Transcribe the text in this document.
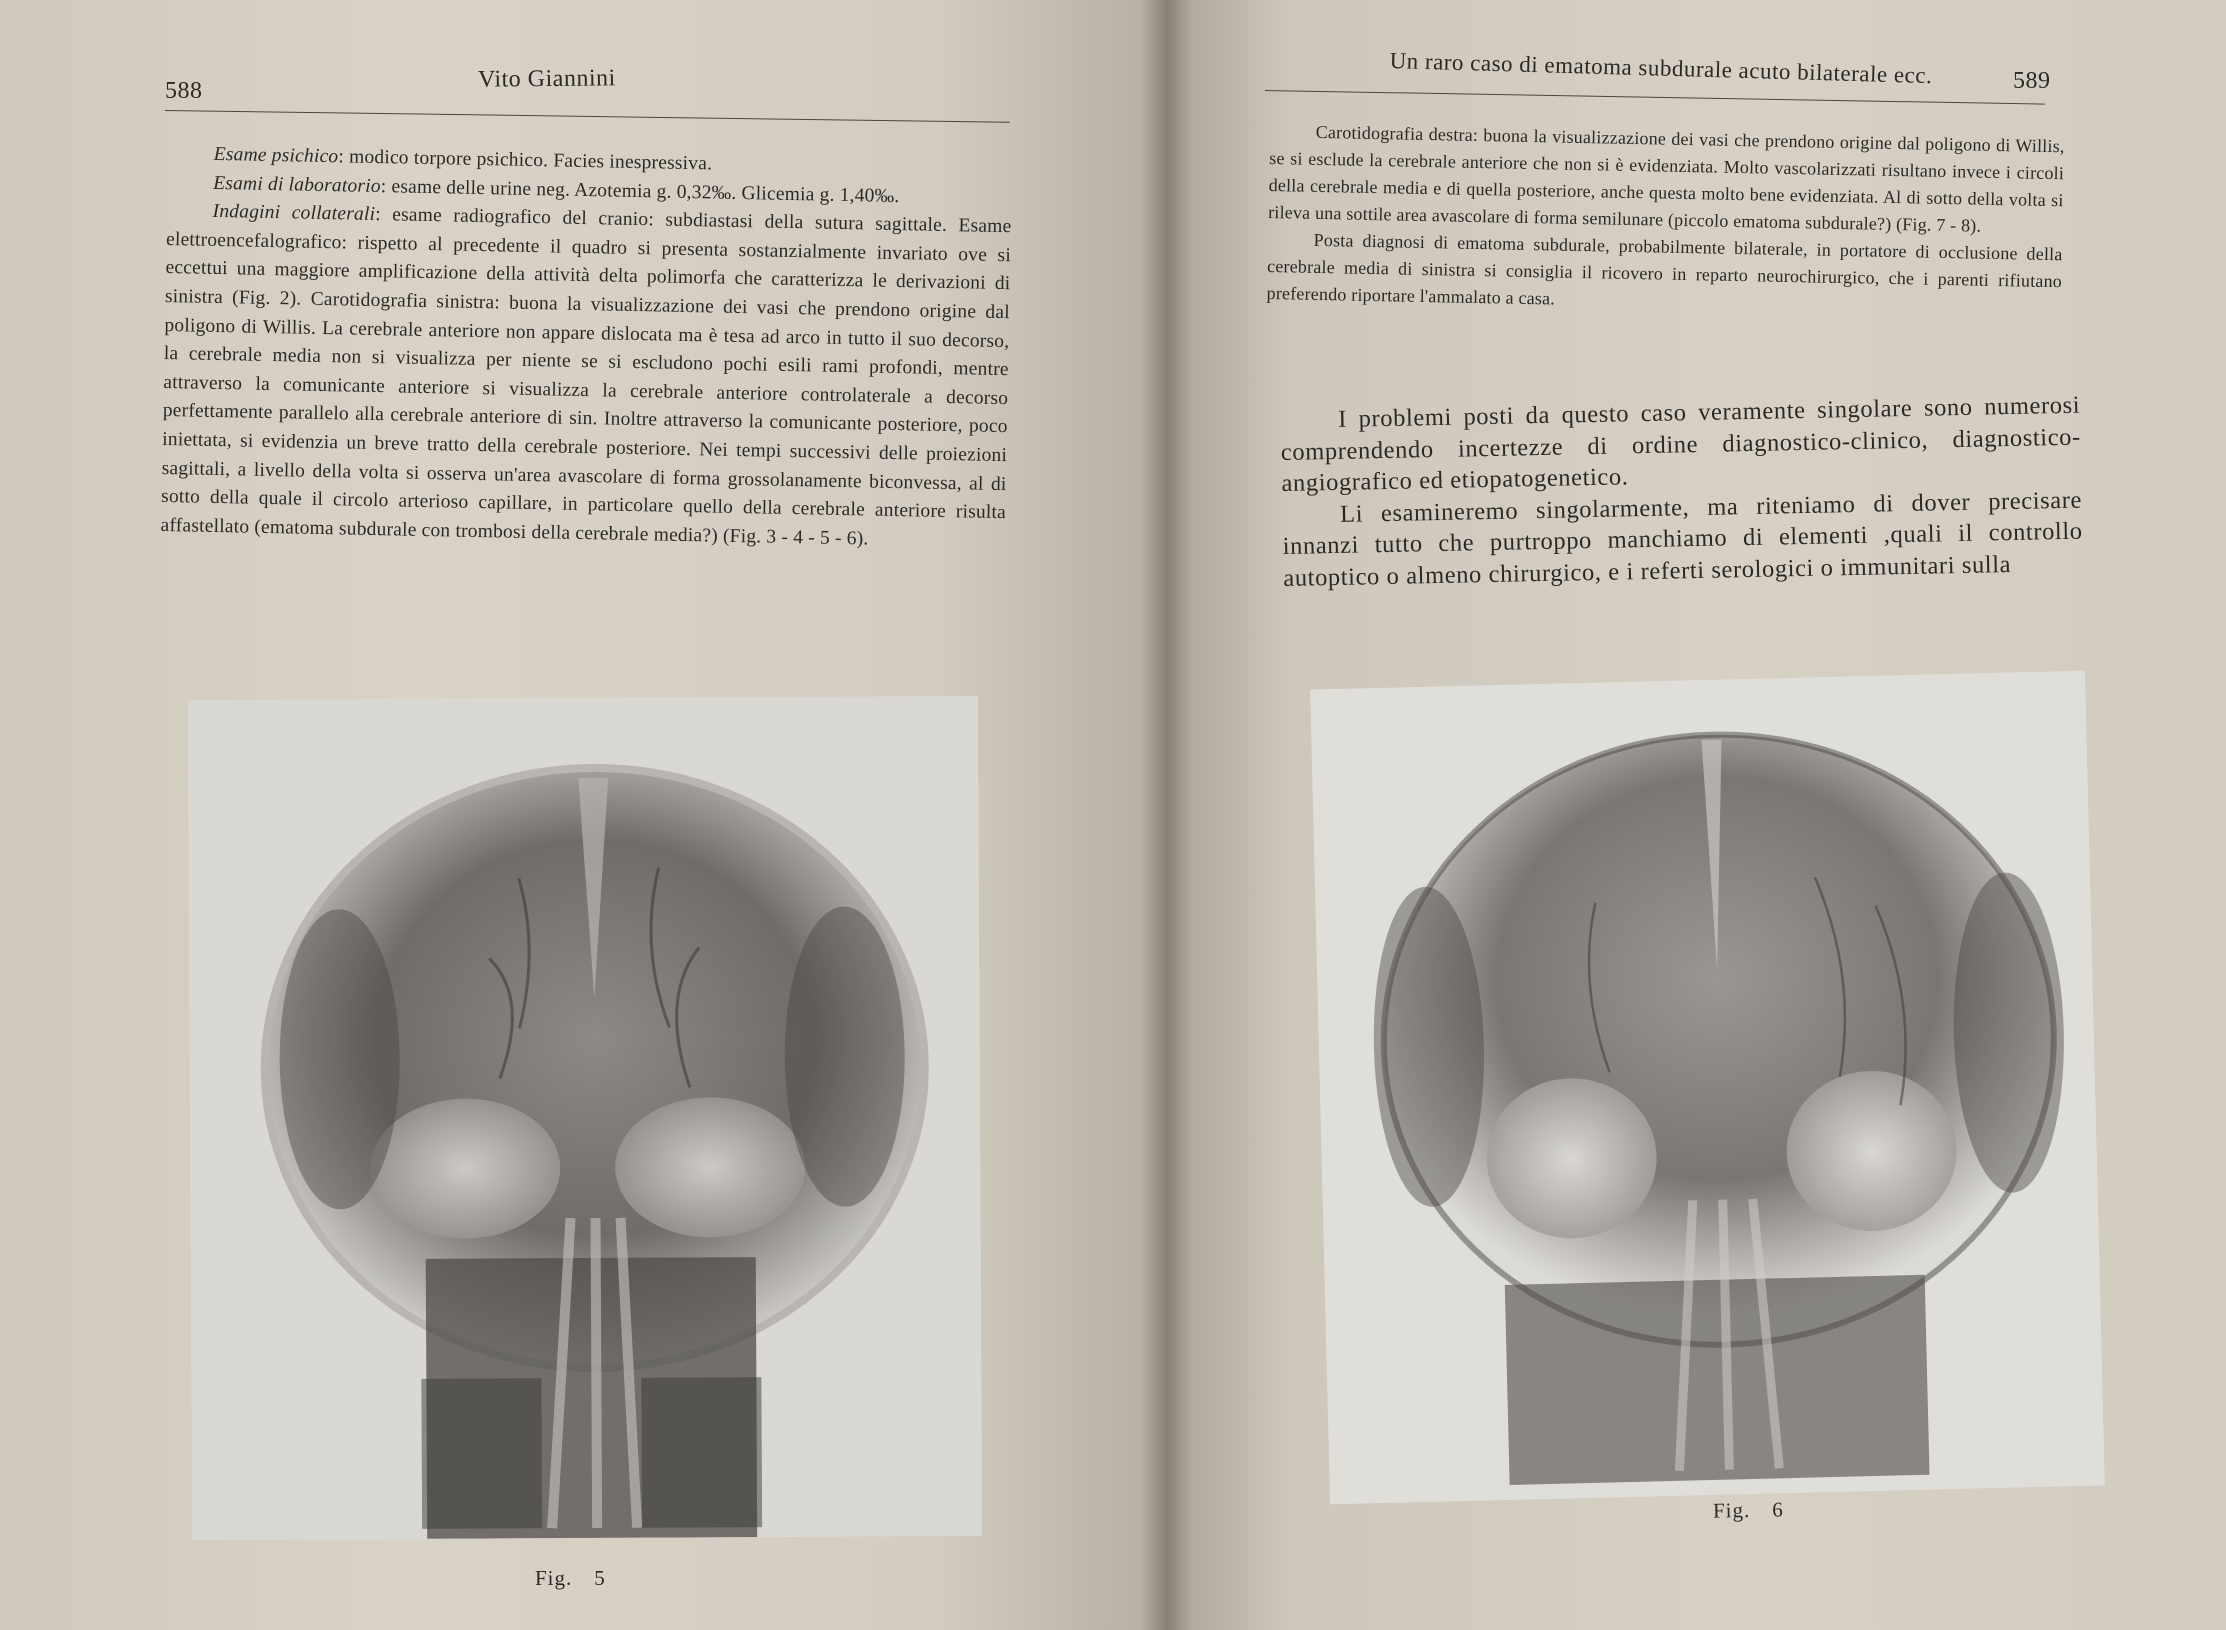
588	Vito Giannini

Esame psichico: modico torpore psichico. Facies inespressiva.

Esami di laboratorio: esame delle urine neg. Azotemia g. 0,32‰. Glicemia g. 1,40‰.

Indagini collaterali: esame radiografico del cranio: subdiastasi della sutura sagittale. Esame elettroencefalografico: rispetto al precedente il quadro si presenta sostanzialmente invariato ove si eccettui una maggiore amplificazione della attività delta polimorfa che caratterizza le derivazioni di sinistra (Fig. 2). Carotidografia sinistra: buona la visualizzazione dei vasi che prendono origine dal poligono di Willis. La cerebrale anteriore non appare dislocata ma è tesa ad arco in tutto il suo decorso, la cerebrale media non si visualizza per niente se si escludono pochi esili rami profondi, mentre attraverso la comunicante anteriore si visualizza la cerebrale anteriore controlaterale a decorso perfettamente parallelo alla cerebrale anteriore di sin. Inoltre attraverso la comunicante posteriore, poco iniettata, si evidenzia un breve tratto della cerebrale posteriore. Nei tempi successivi delle proiezioni sagittali, a livello della volta si osserva un'area avascolare di forma grossolanamente biconvessa, al di sotto della quale il circolo arterioso capillare, in particolare quello della cerebrale anteriore risulta affastellato (ematoma subdurale con trombosi della cerebrale media?) (Fig. 3 - 4 - 5 - 6).

Fig. 5
Un raro caso di ematoma subdurale acuto bilaterale ecc.	589

Carotidografia destra: buona la visualizzazione dei vasi che prendono origine dal poligono di Willis, se si esclude la cerebrale anteriore che non si è evidenziata. Molto vascolarizzati risultano invece i circoli della cerebrale media e di quella posteriore, anche questa molto bene evidenziata. Al di sotto della volta si rileva una sottile area avascolare di forma semilunare (piccolo ematoma subdurale?) (Fig. 7 - 8).

Posta diagnosi di ematoma subdurale, probabilmente bilaterale, in portatore di occlusione della cerebrale media di sinistra si consiglia il ricovero in reparto neurochirurgico, che i parenti rifiutano preferendo riportare l'ammalato a casa.

I problemi posti da questo caso veramente singolare sono numerosi comprendendo incertezze di ordine diagnostico-clinico, diagnostico-angiografico ed etiopatogenetico.

Li esamineremo singolarmente, ma riteniamo di dover precisare innanzi tutto che purtroppo manchiamo di elementi ,quali il controllo autoptico o almeno chirurgico, e i referti serologici o immunitari sulla

Fig. 6
